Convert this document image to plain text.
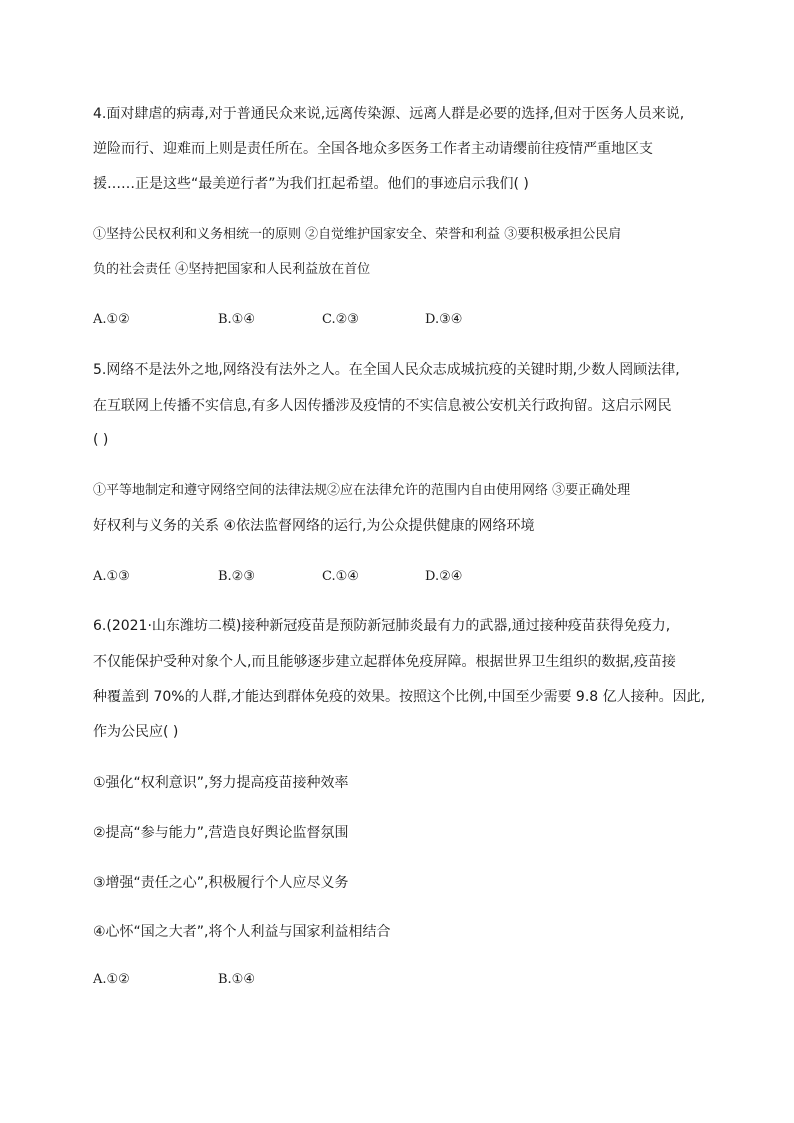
4.面对肆虐的病毒,对于普通民众来说,远离传染源、远离人群是必要的选择,但对于医务人员来说,
逆险而行、迎难而上则是责任所在。全国各地众多医务工作者主动请缨前往疫情严重地区支
援……正是这些“最美逆行者”为我们扛起希望。他们的事迹启示我们( )
①坚持公民权利和义务相统一的原则 ②自觉维护国家安全、荣誉和利益 ③要积极承担公民肩
负的社会责任 ④坚持把国家和人民利益放在首位
A.①②	B.①④	C.②③	D.③④
5.网络不是法外之地,网络没有法外之人。在全国人民众志成城抗疫的关键时期,少数人罔顾法律,
在互联网上传播不实信息,有多人因传播涉及疫情的不实信息被公安机关行政拘留。这启示网民
( )
①平等地制定和遵守网络空间的法律法规②应在法律允许的范围内自由使用网络 ③要正确处理
好权利与义务的关系 ④依法监督网络的运行,为公众提供健康的网络环境
A.①③	B.②③	C.①④	D.②④
6.(2021·山东潍坊二模)接种新冠疫苗是预防新冠肺炎最有力的武器,通过接种疫苗获得免疫力,
不仅能保护受种对象个人,而且能够逐步建立起群体免疫屏障。根据世界卫生组织的数据,疫苗接
种覆盖到 70%的人群,才能达到群体免疫的效果。按照这个比例,中国至少需要 9.8 亿人接种。因此,
作为公民应( )
①强化“权利意识”,努力提高疫苗接种效率
②提高“参与能力”,营造良好舆论监督氛围
③增强“责任之心”,积极履行个人应尽义务
④心怀“国之大者”,将个人利益与国家利益相结合
A.①②	B.①④
